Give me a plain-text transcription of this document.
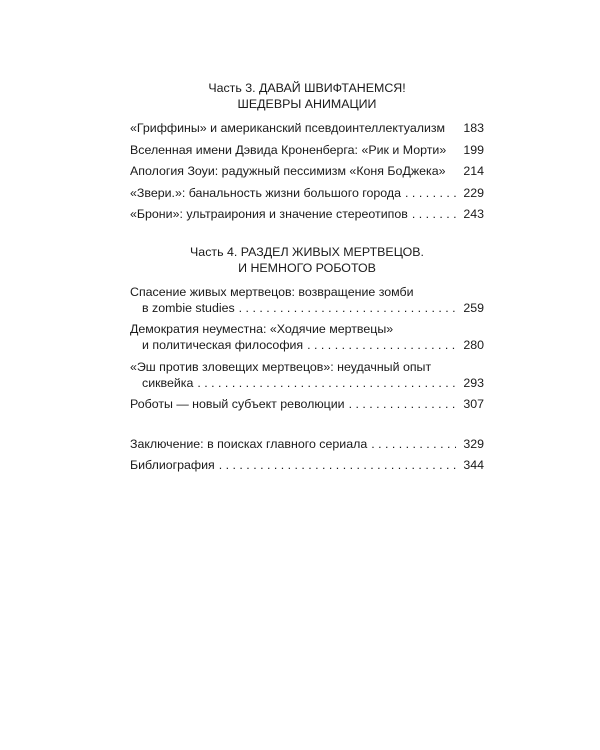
Часть 3. ДАВАЙ ШВИФТАНЕМСЯ!
ШЕДЕВРЫ АНИМАЦИИ
«Гриффины» и американский псевдоинтеллектуализм 183
Вселенная имени Дэвида Кроненберга: «Рик и Морти» 199
Апология Зоуи: радужный пессимизм «Коня БоДжека» 214
«Звери.»: банальность жизни большого города . . .	229
«Брони»: ультраирония и значение стереотипов . . .	243
Часть 4. РАЗДЕЛ ЖИВЫХ МЕРТВЕЦОВ.
И НЕМНОГО РОБОТОВ
Спасение живых мертвецов: возвращение зомби
в zombie studies . . .	259
Демократия неуместна: «Ходячие мертвецы»
и политическая философия . . .	280
«Эш против зловещих мертвецов»: неудачный опыт
сиквейка . . .	293
Роботы — новый субъект революции . . .	307
Заключение: в поисках главного сериала . . .	329
Библиография . . .	344
